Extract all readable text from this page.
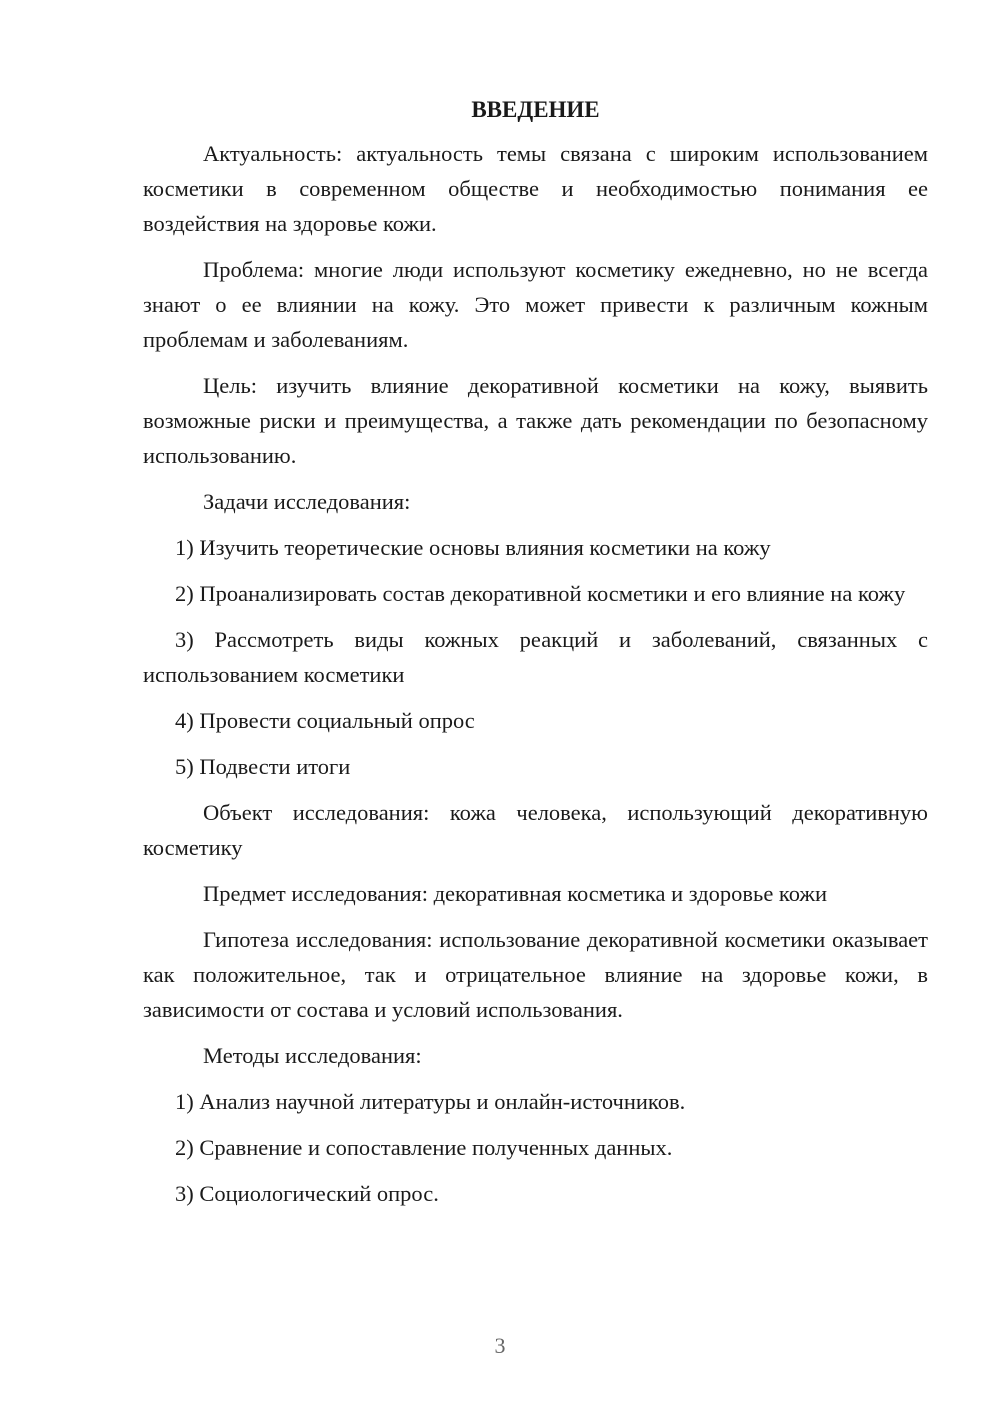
ВВЕДЕНИЕ

Актуальность: актуальность темы связана с широким использованием косметики в современном обществе и необходимостью понимания ее воздействия на здоровье кожи.

Проблема: многие люди используют косметику ежедневно, но не всегда знают о ее влиянии на кожу. Это может привести к различным кожным проблемам и заболеваниям.

Цель: изучить влияние декоративной косметики на кожу, выявить возможные риски и преимущества, а также дать рекомендации по безопасному использованию.

Задачи исследования:

1) Изучить теоретические основы влияния косметики на кожу

2) Проанализировать состав декоративной косметики и его влияние на кожу

3) Рассмотреть виды кожных реакций и заболеваний, связанных с использованием косметики

4) Провести социальный опрос

5) Подвести итоги

Объект исследования: кожа человека, использующий декоративную косметику

Предмет исследования: декоративная косметика и здоровье кожи

Гипотеза исследования: использование декоративной косметики оказывает как положительное, так и отрицательное влияние на здоровье кожи, в зависимости от состава и условий использования.

Методы исследования:

1) Анализ научной литературы и онлайн-источников.

2) Сравнение и сопоставление полученных данных.

3) Социологический опрос.

3
